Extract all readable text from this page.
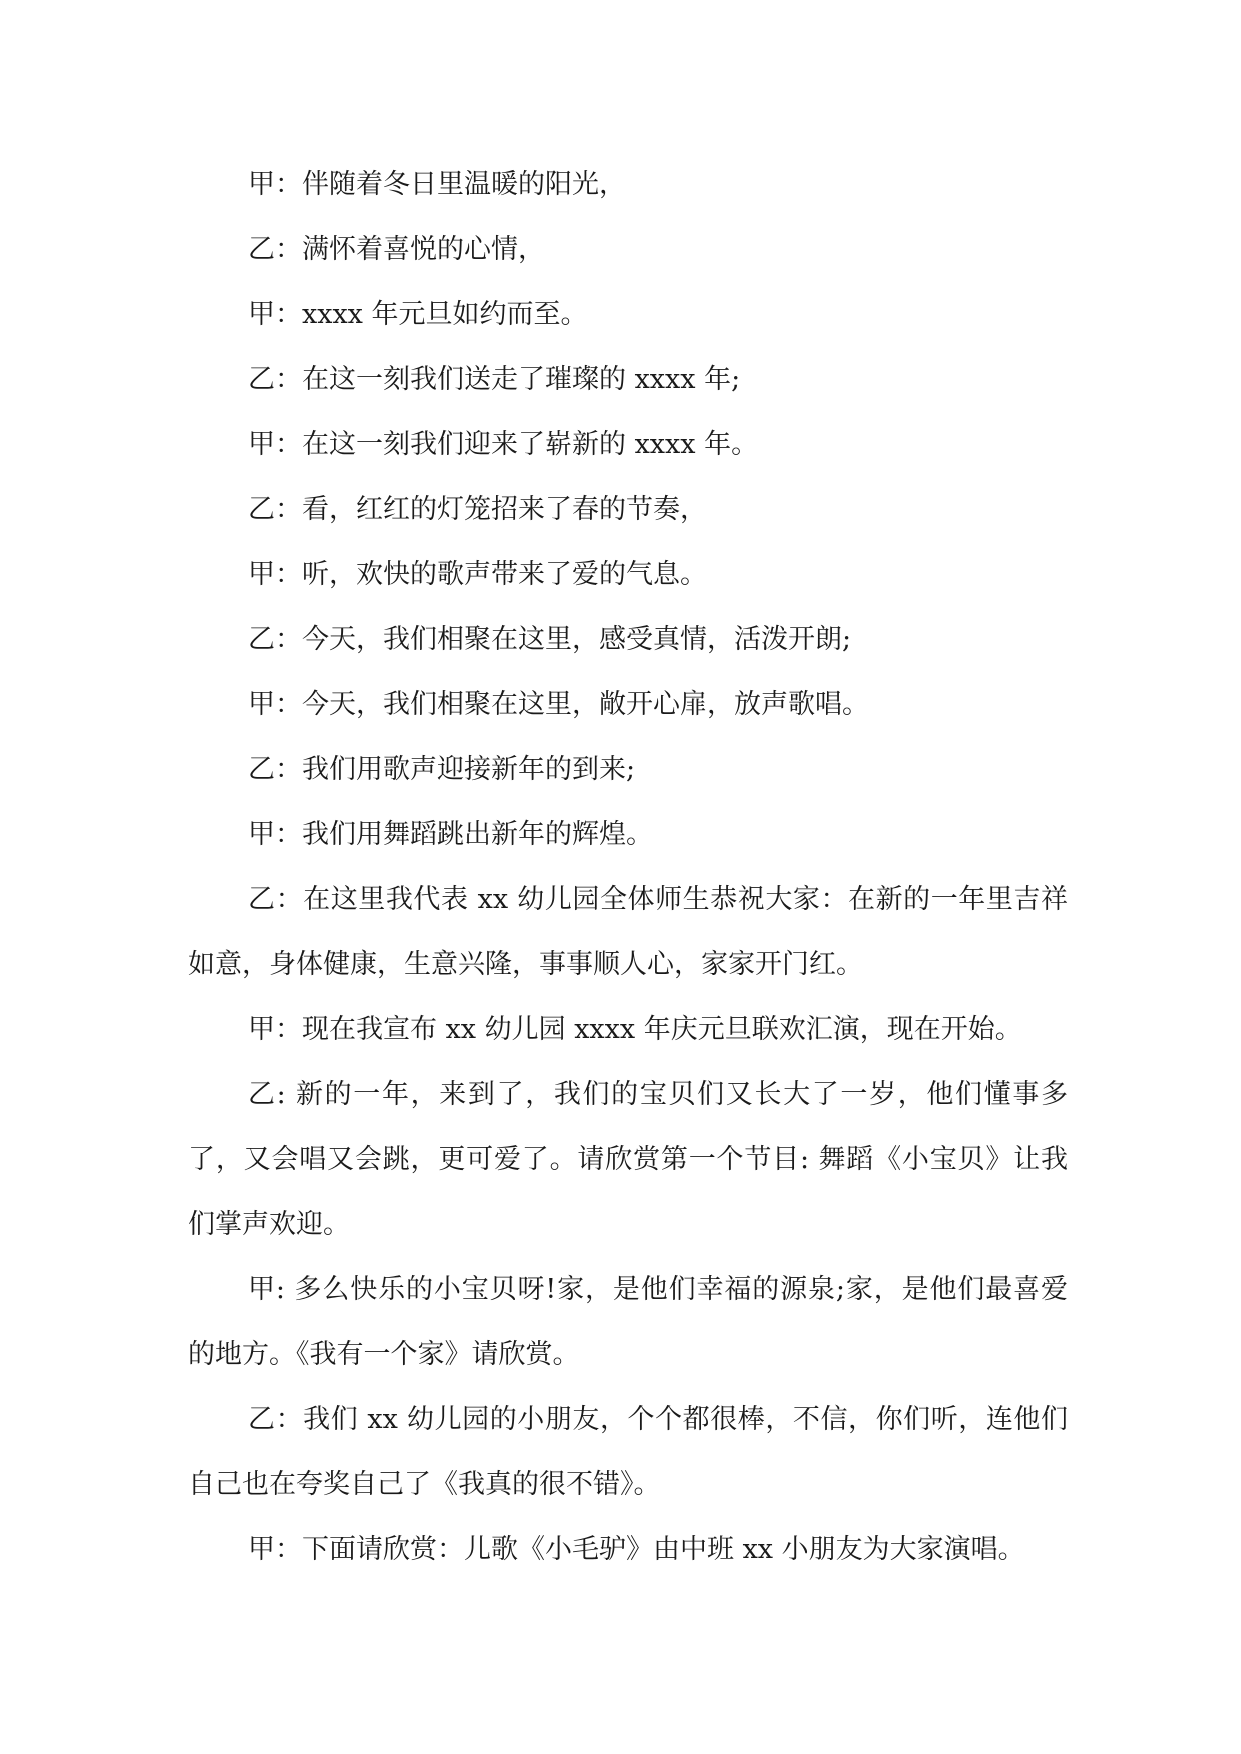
甲：伴随着冬日里温暖的阳光，

乙：满怀着喜悦的心情，

甲：xxxx 年元旦如约而至。

乙：在这一刻我们送走了璀璨的 xxxx 年;

甲：在这一刻我们迎来了崭新的 xxxx 年。

乙：看，红红的灯笼招来了春的节奏，

甲：听，欢快的歌声带来了爱的气息。

乙：今天，我们相聚在这里，感受真情，活泼开朗;

甲：今天，我们相聚在这里，敞开心扉，放声歌唱。

乙：我们用歌声迎接新年的到来;

甲：我们用舞蹈跳出新年的辉煌。

乙：在这里我代表 xx 幼儿园全体师生恭祝大家：在新的一年里吉祥如意，身体健康，生意兴隆，事事顺人心，家家开门红。

甲：现在我宣布 xx 幼儿园 xxxx 年庆元旦联欢汇演，现在开始。

乙: 新的一年，来到了，我们的宝贝们又长大了一岁，他们懂事多了，又会唱又会跳，更可爱了。请欣赏第一个节目: 舞蹈《小宝贝》让我们掌声欢迎。

甲: 多么快乐的小宝贝呀!家，是他们幸福的源泉;家，是他们最喜爱的地方。《我有一个家》请欣赏。

乙：我们 xx 幼儿园的小朋友，个个都很棒，不信，你们听，连他们自己也在夸奖自己了《我真的很不错》。

甲：下面请欣赏：儿歌《小毛驴》由中班 xx 小朋友为大家演唱。
